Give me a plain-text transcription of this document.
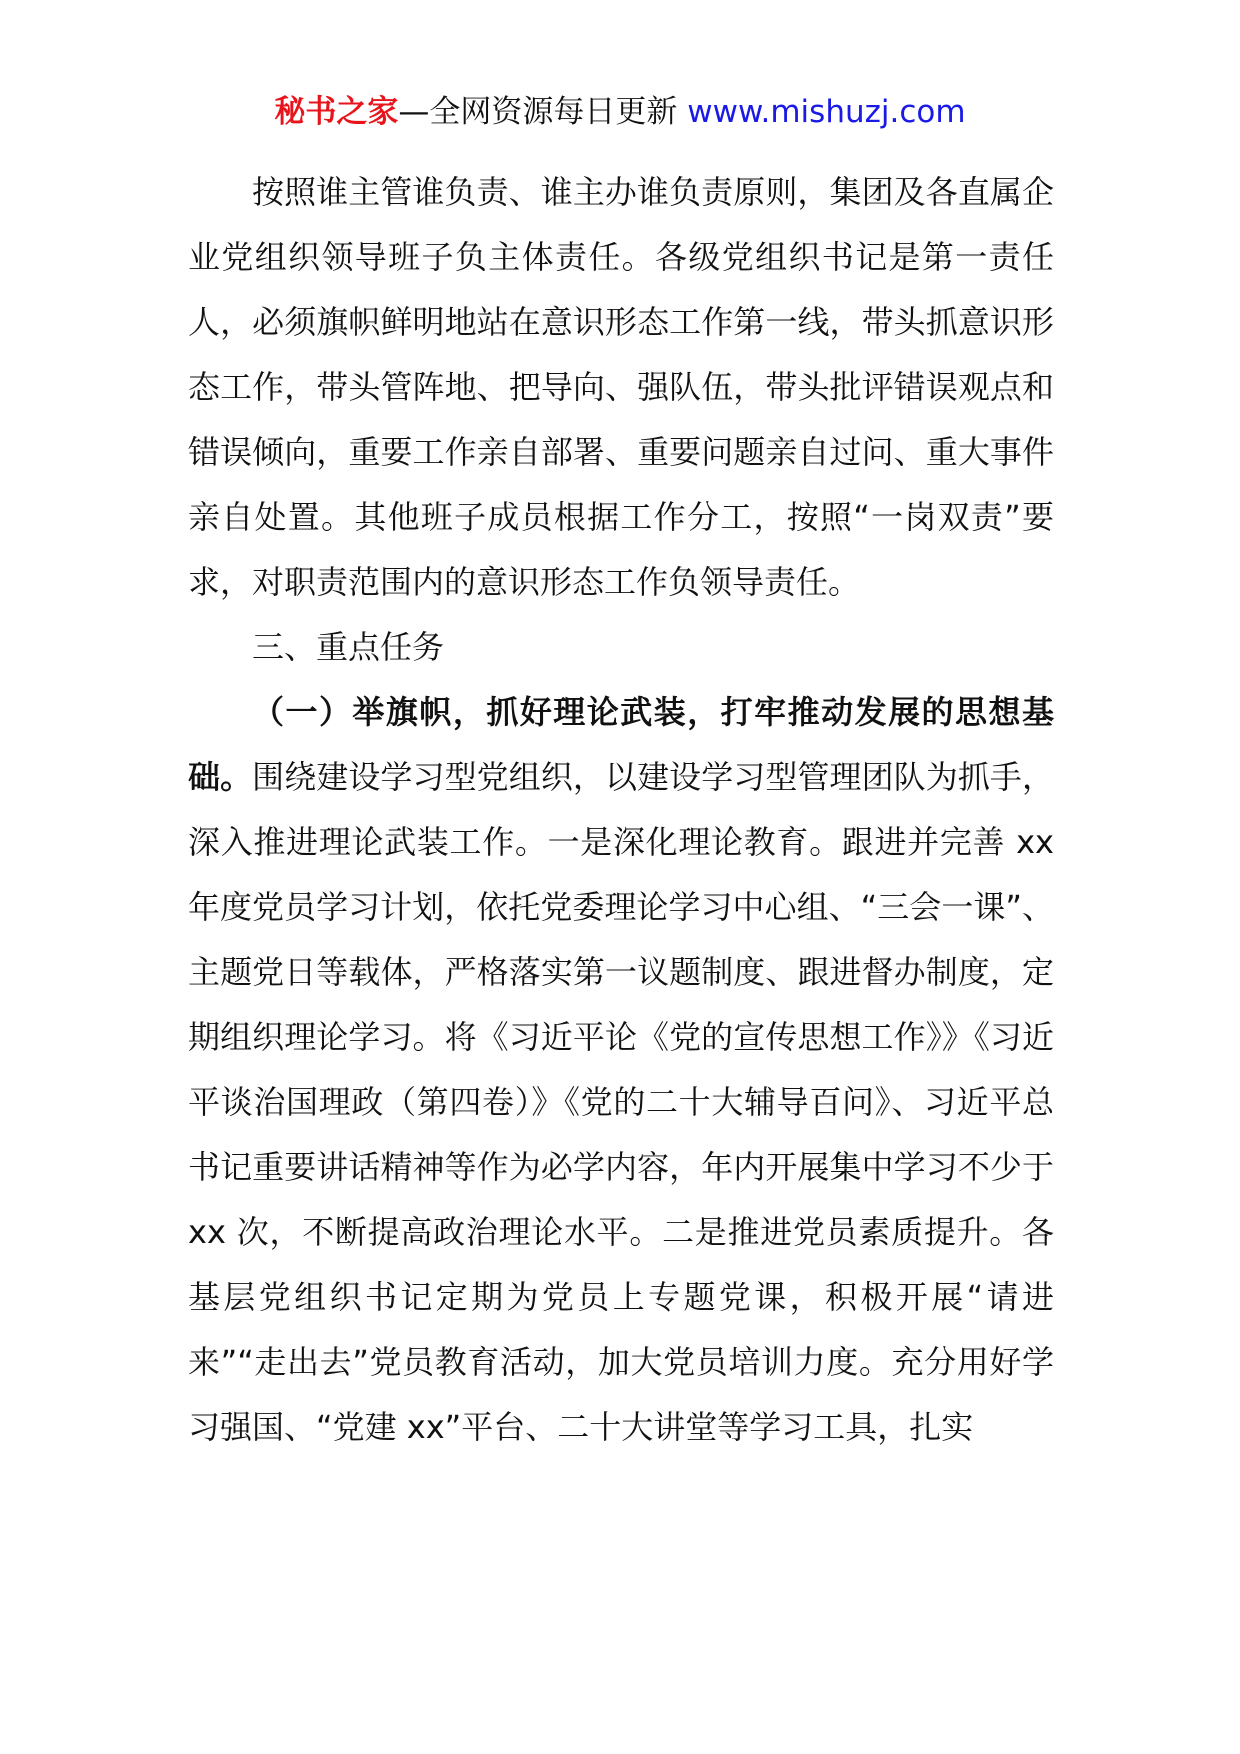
秘书之家—全网资源每日更新 www.mishuzj.com

按照谁主管谁负责、谁主办谁负责原则，集团及各直属企业党组织领导班子负主体责任。各级党组织书记是第一责任人，必须旗帜鲜明地站在意识形态工作第一线，带头抓意识形态工作，带头管阵地、把导向、强队伍，带头批评错误观点和错误倾向，重要工作亲自部署、重要问题亲自过问、重大事件亲自处置。其他班子成员根据工作分工，按照“一岗双责”要求，对职责范围内的意识形态工作负领导责任。

三、重点任务

（一）举旗帜，抓好理论武装，打牢推动发展的思想基础。围绕建设学习型党组织，以建设学习型管理团队为抓手，深入推进理论武装工作。一是深化理论教育。跟进并完善 xx 年度党员学习计划，依托党委理论学习中心组、“三会一课”、主题党日等载体，严格落实第一议题制度、跟进督办制度，定期组织理论学习。将《习近平论《党的宣传思想工作》》《习近平谈治国理政（第四卷）》《党的二十大辅导百问》、习近平总书记重要讲话精神等作为必学内容，年内开展集中学习不少于 xx 次，不断提高政治理论水平。二是推进党员素质提升。各基层党组织书记定期为党员上专题党课，积极开展“请进来”“走出去”党员教育活动，加大党员培训力度。充分用好学习强国、“党建 xx”平台、二十大讲堂等学习工具，扎实
